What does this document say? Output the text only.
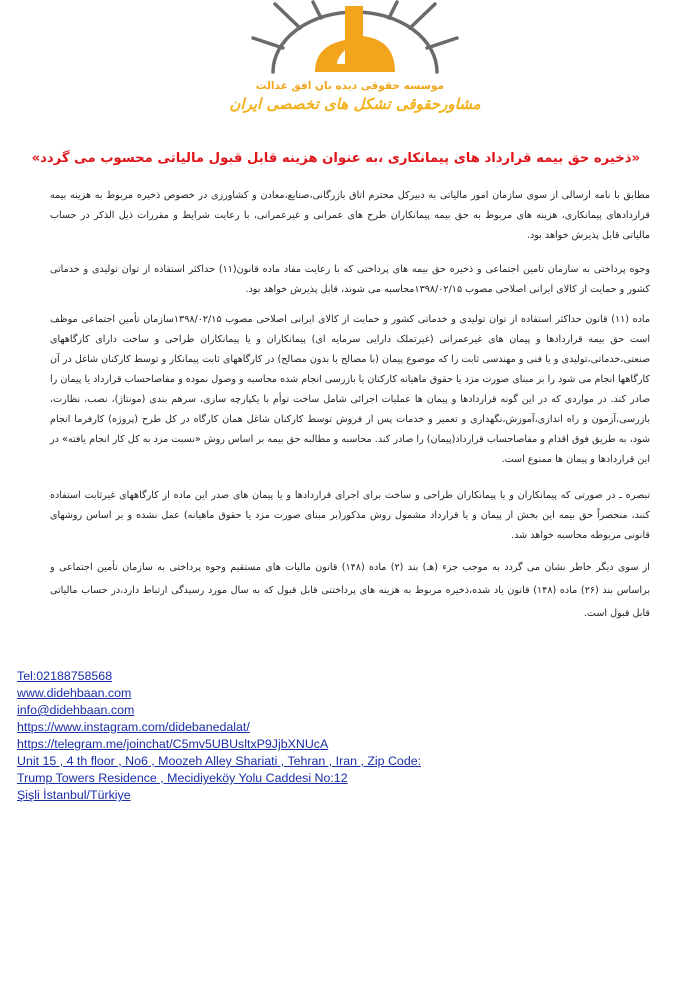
موسسه حقوقی دیده بان افق عدالت
مشاورحقوقی تشکل های تخصصی ایران
«ذخیره حق بیمه قرارداد های پیمانکاری ،به عنوان هزینه قابل قبول مالیاتی محسوب می گردد»

مطابق با نامه ارسالی از سوی سازمان امور مالیاتی به دبیرکل محترم اتاق بازرگانی،صنایع،معادن و کشاورزی در خصوص ذخیره مربوط به هزینه بیمه قراردادهای پیمانکاری، هزینه های مربوط به حق بیمه پیمانکاران طرح های عمرانی و غیرعمرانی، با رعایت شرایط و مقررات ذیل الذکر در حساب مالیاتی قابل پذیرش خواهد بود.

وجوه پرداختی به سازمان تامین اجتماعی و ذخیره حق بیمه های پرداختی که با رعایت مفاد ماده قانون(۱۱) حداکثر استفاده از توان تولیدی و خدماتی کشور و حمایت از کالای ایرانی اصلاحی مصوب ۱۳۹۸/۰۲/۱۵محاسبه می شوند، قابل پذیرش خواهد بود.

ماده (۱۱) قانون حداکثر استفاده از توان تولیدی و خدماتی کشور و حمایت از کالای ایرانی اصلاحی مصوب ۱۳۹۸/۰۲/۱۵سازمان تأمین اجتماعی موظف است حق بیمه قراردادها و پیمان های غیرعمرانی (غیرتملک دارایی سرمایه ای) پیمانکاران و یا پیمانکاران طراحی و ساخت دارای کارگاههای صنعتی،خدماتی،تولیدی و یا فنی و مهندسی ثابت را که موضوع پیمان (با مصالح یا بدون مصالح) در کارگاههای ثابت پیمانکار و توسط کارکنان شاغل در آن کارگاهها انجام می شود را بر مبنای صورت مزد یا حقوق ماهیانه کارکنان یا بازرسی انجام شده محاسبه و وصول نموده و مفاصاحساب قرارداد یا پیمان را صادر کند. در مواردی که در این گونه قراردادها و پیمان ها عملیات اجرائی شامل ساخت توأم با یکپارچه سازی، سرهم بندی (مونتاژ)، نصب، نظارت، بازرسی،آزمون و راه اندازی،آموزش،نگهداری و تعمیر و خدمات پس از فروش توسط کارکنان شاغل همان کارگاه در کل طرح (پروژه) کارفرما انجام شود، به طریق فوق اقدام و مفاصاحساب قرارداد(پیمان) را صادر کند. محاسبه و مطالبه حق بیمه بر اساس روش «نسبت مزد به کل کار انجام یافته» در این قراردادها و پیمان ها ممنوع است.

تبصره ـ در صورتی که پیمانکاران و یا پیمانکاران طراحی و ساخت برای اجرای قراردادها و یا پیمان های صدر این ماده از کارگاههای غیرثابت استفاده کنند، منحصراً حق بیمه این بخش از پیمان و یا قرارداد مشمول روش مذکور(بر مبنای صورت مزد یا حقوق ماهیانه) عمل نشده و بر اساس روشهای قانونی مربوطه محاسبه خواهد شد.

از سوی دیگر خاطر نشان می گردد به موجب جزء (هـ) بند (۲) ماده (۱۴۸) قانون مالیات های مستقیم وجوه پرداختی به سازمان تأمین اجتماعی و براساس بند (۲۶) ماده (۱۴۸) قانون یاد شده،ذخیره مربوط به هزینه های پرداختنی قابل قبول که به سال مورد رسیدگی ارتباط دارد،در حساب مالیاتی قابل قبول است.

Tel:02188758568
www.didehbaan.com
info@didehbaan.com
https://www.instagram.com/didebanedalat/
https://telegram.me/joinchat/C5mv5UBUsltxP9JjbXNUcA
Unit 15 , 4 th floor , No6 , Moozeh Alley Shariati , Tehran , Iran , Zip Code:
Trump Towers Residence , Mecidiyeköy Yolu Caddesi No:12
Şişli İstanbul/Türkiye
